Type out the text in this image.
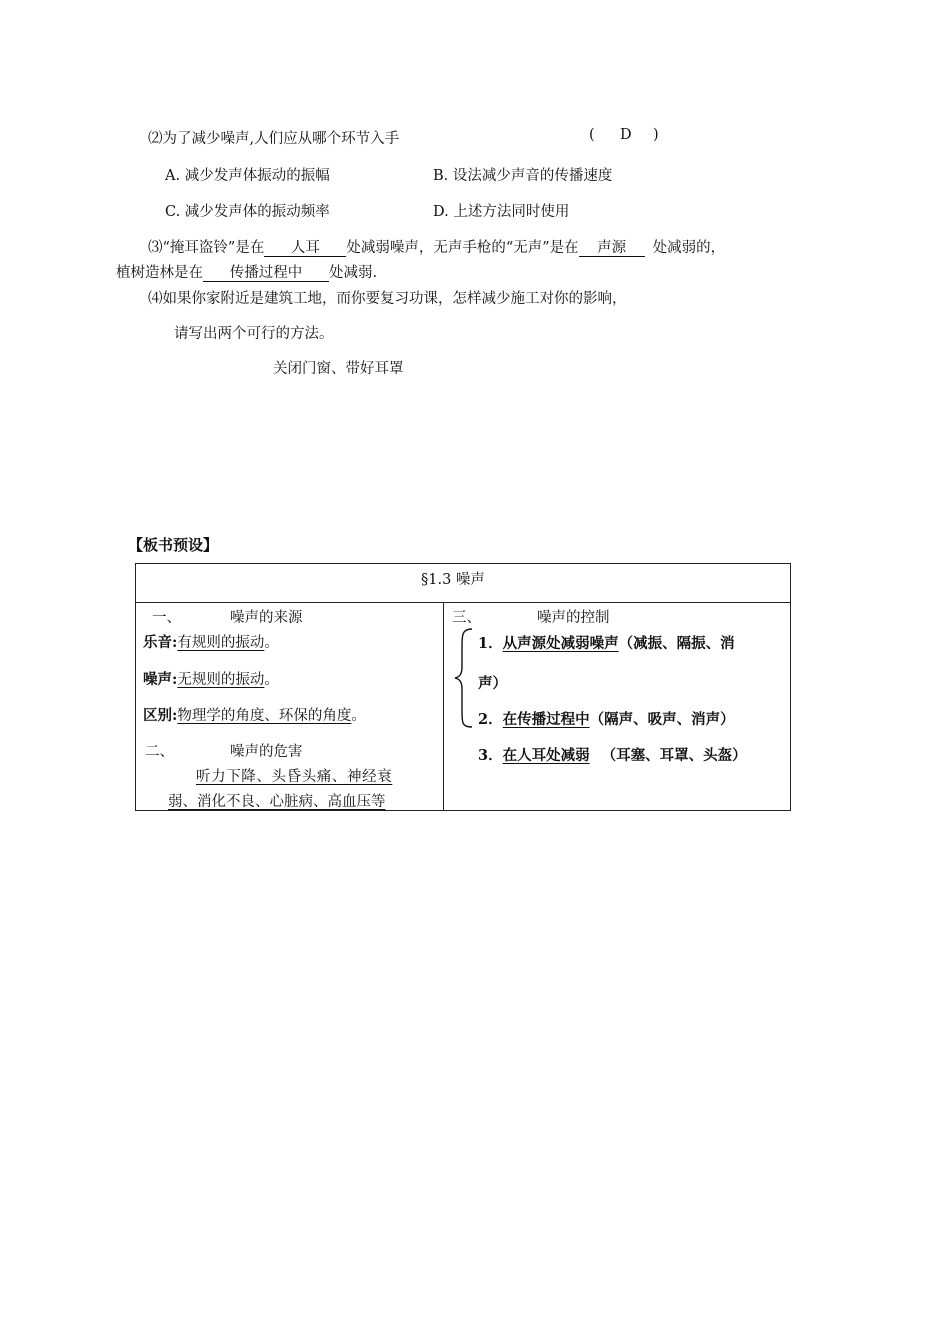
⑵为了减少噪声,人们应从哪个环节入手	( D )
A. 减少发声体振动的振幅	B. 设法减少声音的传播速度
C. 减少发声体的振动频率	D. 上述方法同时使用
⑶“掩耳盗铃”是在 人耳 处减弱噪声，无声手枪的“无声”是在 声源 处减弱的，
植树造林是在 传播过程中 处减弱.
⑷如果你家附近是建筑工地，而你要复习功课，怎样减少施工对你的影响，
请写出两个可行的方法。
关闭门窗、带好耳罩
【板书预设】
§1.3 噪声
一、	噪声的来源
乐音:有规则的振动。
噪声:无规则的振动。
区别:物理学的角度、环保的角度。
二、	噪声的危害
听力下降、头昏头痛、神经衰
弱、消化不良、心脏病、高血压等
三、	噪声的控制
1．从声源处减弱噪声（减振、隔振、消
声）
2．在传播过程中（隔声、吸声、消声）
3．在人耳处减弱 （耳塞、耳罩、头盔）
